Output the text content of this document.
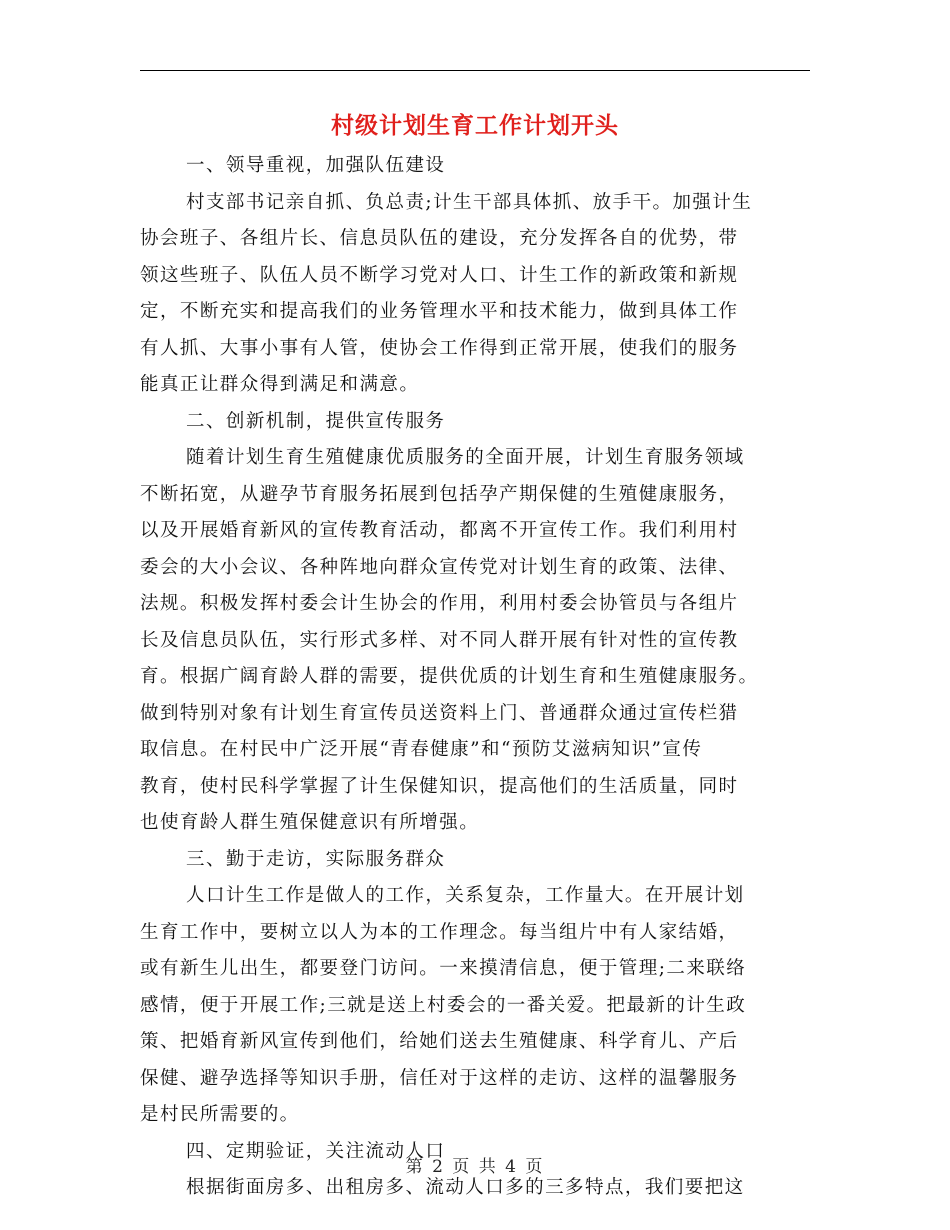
村级计划生育工作计划开头
一、领导重视，加强队伍建设
村支部书记亲自抓、负总责;计生干部具体抓、放手干。加强计生
协会班子、各组片长、信息员队伍的建设，充分发挥各自的优势，带
领这些班子、队伍人员不断学习党对人口、计生工作的新政策和新规
定，不断充实和提高我们的业务管理水平和技术能力，做到具体工作
有人抓、大事小事有人管，使协会工作得到正常开展，使我们的服务
能真正让群众得到满足和满意。
二、创新机制，提供宣传服务
随着计划生育生殖健康优质服务的全面开展，计划生育服务领域
不断拓宽，从避孕节育服务拓展到包括孕产期保健的生殖健康服务，
以及开展婚育新风的宣传教育活动，都离不开宣传工作。我们利用村
委会的大小会议、各种阵地向群众宣传党对计划生育的政策、法律、
法规。积极发挥村委会计生协会的作用，利用村委会协管员与各组片
长及信息员队伍，实行形式多样、对不同人群开展有针对性的宣传教
育。根据广阔育龄人群的需要，提供优质的计划生育和生殖健康服务。
做到特别对象有计划生育宣传员送资料上门、普通群众通过宣传栏猎
取信息。在村民中广泛开展“青春健康”和“预防艾滋病知识”宣传
教育，使村民科学掌握了计生保健知识，提高他们的生活质量，同时
也使育龄人群生殖保健意识有所增强。
三、勤于走访，实际服务群众
人口计生工作是做人的工作，关系复杂，工作量大。在开展计划
生育工作中，要树立以人为本的工作理念。每当组片中有人家结婚，
或有新生儿出生，都要登门访问。一来摸清信息，便于管理;二来联络
感情，便于开展工作;三就是送上村委会的一番关爱。把最新的计生政
策、把婚育新风宣传到他们，给她们送去生殖健康、科学育儿、产后
保健、避孕选择等知识手册，信任对于这样的走访、这样的温馨服务
是村民所需要的。
四、定期验证，关注流动人口
根据街面房多、出租房多、流动人口多的三多特点，我们要把这
第 2 页 共 4 页
